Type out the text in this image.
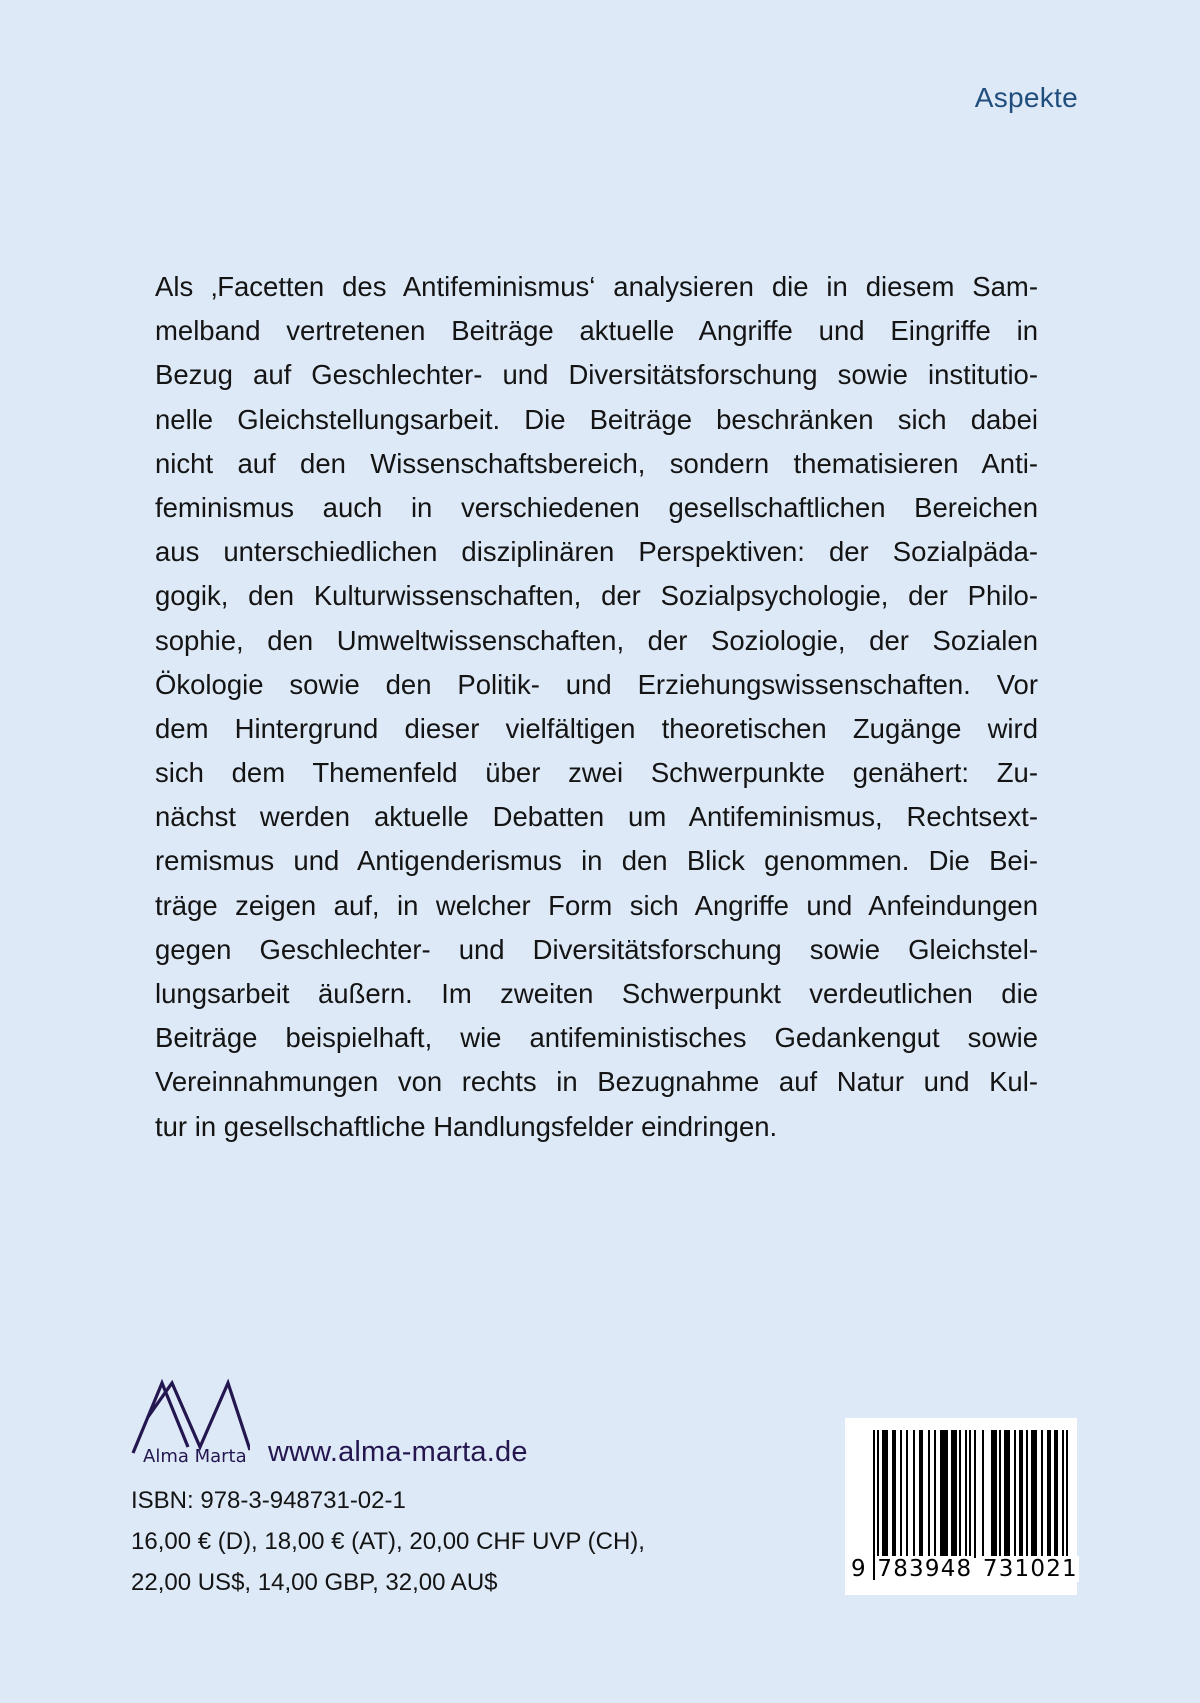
Aspekte
Als ‚Facetten des Antifeminismus‘ analysieren die in diesem Sam-
melband vertretenen Beiträge aktuelle Angriffe und Eingriffe in
Bezug auf Geschlechter- und Diversitätsforschung sowie institutio-
nelle Gleichstellungsarbeit. Die Beiträge beschränken sich dabei
nicht auf den Wissenschaftsbereich, sondern thematisieren Anti-
feminismus auch in verschiedenen gesellschaftlichen Bereichen
aus unterschiedlichen disziplinären Perspektiven: der Sozialpäda-
gogik, den Kulturwissenschaften, der Sozialpsychologie, der Philo-
sophie, den Umweltwissenschaften, der Soziologie, der Sozialen
Ökologie sowie den Politik- und Erziehungswissenschaften. Vor
dem Hintergrund dieser vielfältigen theoretischen Zugänge wird
sich dem Themenfeld über zwei Schwerpunkte genähert: Zu-
nächst werden aktuelle Debatten um Antifeminismus, Rechtsext-
remismus und Antigenderismus in den Blick genommen. Die Bei-
träge zeigen auf, in welcher Form sich Angriffe und Anfeindungen
gegen Geschlechter- und Diversitätsforschung sowie Gleichstel-
lungsarbeit äußern. Im zweiten Schwerpunkt verdeutlichen die
Beiträge beispielhaft, wie antifeministisches Gedankengut sowie
Vereinnahmungen von rechts in Bezugnahme auf Natur und Kul-
tur in gesellschaftliche Handlungsfelder eindringen.
Alma Marta www.alma-marta.de
ISBN: 978-3-948731-02-1
16,00 € (D), 18,00 € (AT), 20,00 CHF UVP (CH),
22,00 US$, 14,00 GBP, 32,00 AU$	9 783948 731021
